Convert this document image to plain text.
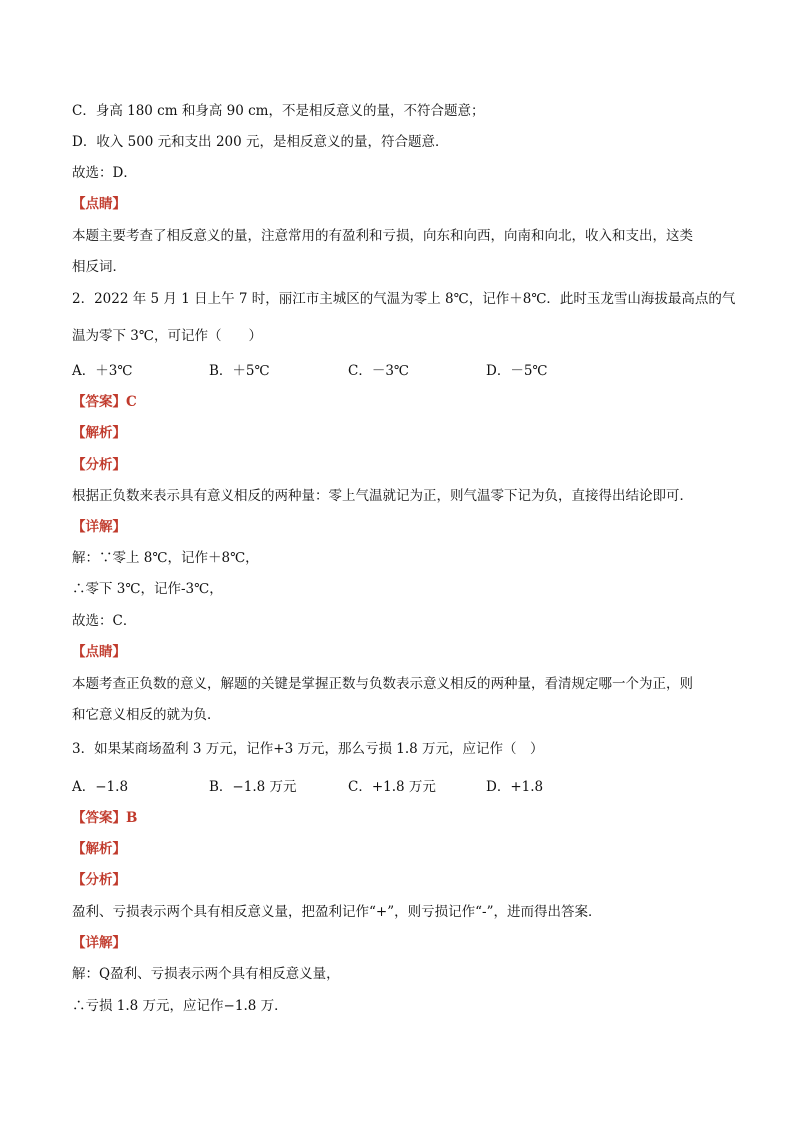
C．身高 180 cm 和身高 90 cm，不是相反意义的量，不符合题意；
D．收入 500 元和支出 200 元，是相反意义的量，符合题意．
故选：D．
【点睛】
本题主要考查了相反意义的量，注意常用的有盈利和亏损，向东和向西，向南和向北，收入和支出，这类
相反词．
2．2022 年 5 月 1 日上午 7 时，丽江市主城区的气温为零上 8℃，记作＋8℃．此时玉龙雪山海拔最高点的气
温为零下 3℃，可记作（　　）
A．＋3℃	B．＋5℃	C．－3℃	D．－5℃
【答案】C
【解析】
【分析】
根据正负数来表示具有意义相反的两种量：零上气温就记为正，则气温零下记为负，直接得出结论即可．
【详解】
解：∵零上 8℃，记作＋8℃，
∴零下 3℃，记作-3℃，
故选：C．
【点睛】
本题考查正负数的意义，解题的关键是掌握正数与负数表示意义相反的两种量，看清规定哪一个为正，则
和它意义相反的就为负．
3．如果某商场盈利 3 万元，记作+3 万元，那么亏损 1.8 万元，应记作（　）
A．−1.8	B．−1.8 万元	C．+1.8 万元	D．+1.8
【答案】B
【解析】
【分析】
盈利、亏损表示两个具有相反意义量，把盈利记作“+”，则亏损记作“-”，进而得出答案．
【详解】
解：Q盈利、亏损表示两个具有相反意义量，
∴亏损 1.8 万元，应记作−1.8 万．
